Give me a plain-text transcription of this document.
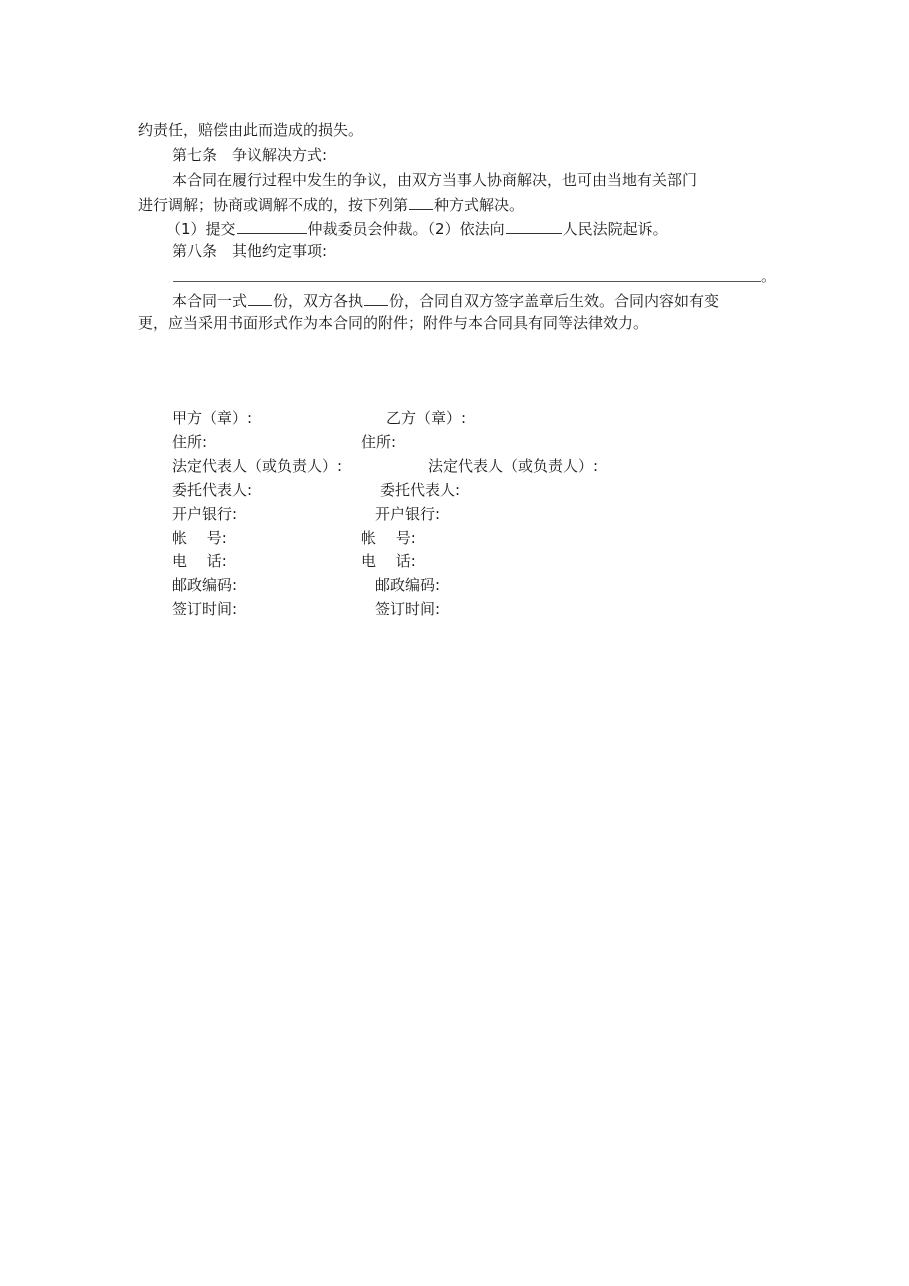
约责任，赔偿由此而造成的损失。
第七条　争议解决方式:
本合同在履行过程中发生的争议，由双方当事人协商解决，也可由当地有关部门
进行调解；协商或调解不成的，按下列第 种方式解决。
（1）提交	仲裁委员会仲裁。（2）依法向	人民法院起诉。
第八条　其他约定事项:
。
本合同一式 份，双方各执 份，合同自双方签字盖章后生效。合同内容如有变
更，应当采用书面形式作为本合同的附件；附件与本合同具有同等法律效力。
甲方（章）:
住所:
法定代表人（或负责人）:
委托代表人:
开户银行:
帐　 号:
电　 话:
邮政编码:
签订时间:
乙方（章）:
住所:
法定代表人（或负责人）:
委托代表人:
开户银行:
帐　 号:
电　 话:
邮政编码:
签订时间:
